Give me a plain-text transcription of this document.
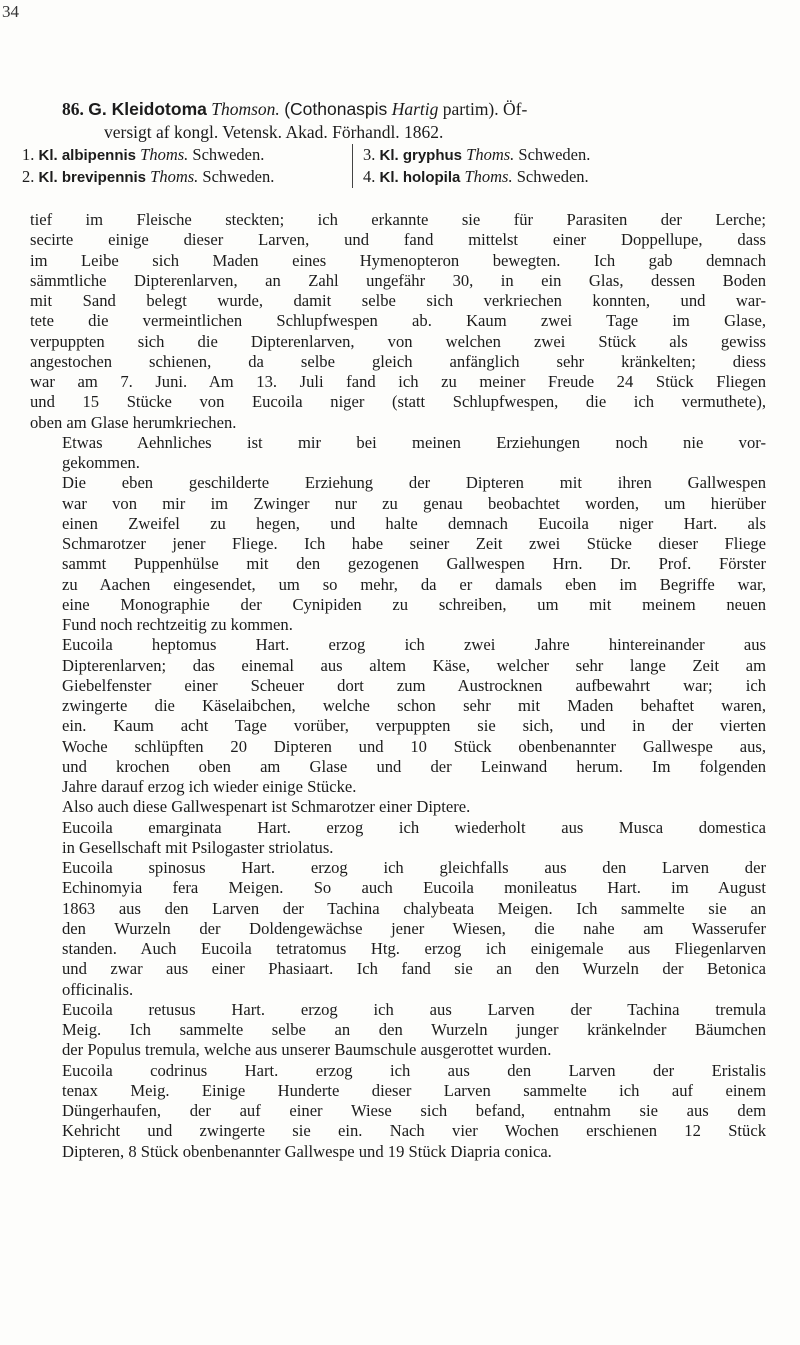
34
86. G. Kleidotoma Thomson. (Cothonaspis Hartig partim). Öf-
versigt af kongl. Vetensk. Akad. Förhandl. 1862.
1. Kl. albipennis Thoms. Schweden.	3. Kl. gryphus Thoms. Schweden.
2. Kl. brevipennis Thoms. Schweden.	4. Kl. holopila Thoms. Schweden.

tief im Fleische steckten; ich erkannte sie für Parasiten der Lerche;
secirte einige dieser Larven, und fand mittelst einer Doppellupe, dass
im Leibe sich Maden eines Hymenopteron bewegten. Ich gab demnach
sämmtliche Dipterenlarven, an Zahl ungefähr 30, in ein Glas, dessen Boden
mit Sand belegt wurde, damit selbe sich verkriechen konnten, und war-
tete die vermeintlichen Schlupfwespen ab. Kaum zwei Tage im Glase,
verpuppten sich die Dipterenlarven, von welchen zwei Stück als gewiss
angestochen schienen, da selbe gleich anfänglich sehr kränkelten; diess
war am 7. Juni. Am 13. Juli fand ich zu meiner Freude 24 Stück Fliegen
und 15 Stücke von Eucoila niger (statt Schlupfwespen, die ich vermuthete),
oben am Glase herumkriechen.

Etwas Aehnliches ist mir bei meinen Erziehungen noch nie vor-
gekommen.

Die eben geschilderte Erziehung der Dipteren mit ihren Gallwespen
war von mir im Zwinger nur zu genau beobachtet worden, um hierüber
einen Zweifel zu hegen, und halte demnach Eucoila niger Hart. als
Schmarotzer jener Fliege. Ich habe seiner Zeit zwei Stücke dieser Fliege
sammt Puppenhülse mit den gezogenen Gallwespen Hrn. Dr. Prof. Förster
zu Aachen eingesendet, um so mehr, da er damals eben im Begriffe war,
eine Monographie der Cynipiden zu schreiben, um mit meinem neuen
Fund noch rechtzeitig zu kommen.

Eucoila heptomus Hart. erzog ich zwei Jahre hintereinander aus
Dipterenlarven; das einemal aus altem Käse, welcher sehr lange Zeit am
Giebelfenster einer Scheuer dort zum Austrocknen aufbewahrt war; ich
zwingerte die Käselaibchen, welche schon sehr mit Maden behaftet waren,
ein. Kaum acht Tage vorüber, verpuppten sie sich, und in der vierten
Woche schlüpften 20 Dipteren und 10 Stück obenbenannter Gallwespe aus,
und krochen oben am Glase und der Leinwand herum. Im folgenden
Jahre darauf erzog ich wieder einige Stücke.

Also auch diese Gallwespenart ist Schmarotzer einer Diptere.

Eucoila emarginata Hart. erzog ich wiederholt aus Musca domestica
in Gesellschaft mit Psilogaster striolatus.

Eucoila spinosus Hart. erzog ich gleichfalls aus den Larven der
Echinomyia fera Meigen. So auch Eucoila monileatus Hart. im August
1863 aus den Larven der Tachina chalybeata Meigen. Ich sammelte sie an
den Wurzeln der Doldengewächse jener Wiesen, die nahe am Wasserufer
standen. Auch Eucoila tetratomus Htg. erzog ich einigemale aus Fliegenlarven
und zwar aus einer Phasiaart. Ich fand sie an den Wurzeln der Betonica
officinalis.

Eucoila retusus Hart. erzog ich aus Larven der Tachina tremula
Meig. Ich sammelte selbe an den Wurzeln junger kränkelnder Bäumchen
der Populus tremula, welche aus unserer Baumschule ausgerottet wurden.

Eucoila codrinus Hart. erzog ich aus den Larven der Eristalis
tenax Meig. Einige Hunderte dieser Larven sammelte ich auf einem
Düngerhaufen, der auf einer Wiese sich befand, entnahm sie aus dem
Kehricht und zwingerte sie ein. Nach vier Wochen erschienen 12 Stück
Dipteren, 8 Stück obenbenannter Gallwespe und 19 Stück Diapria conica.
